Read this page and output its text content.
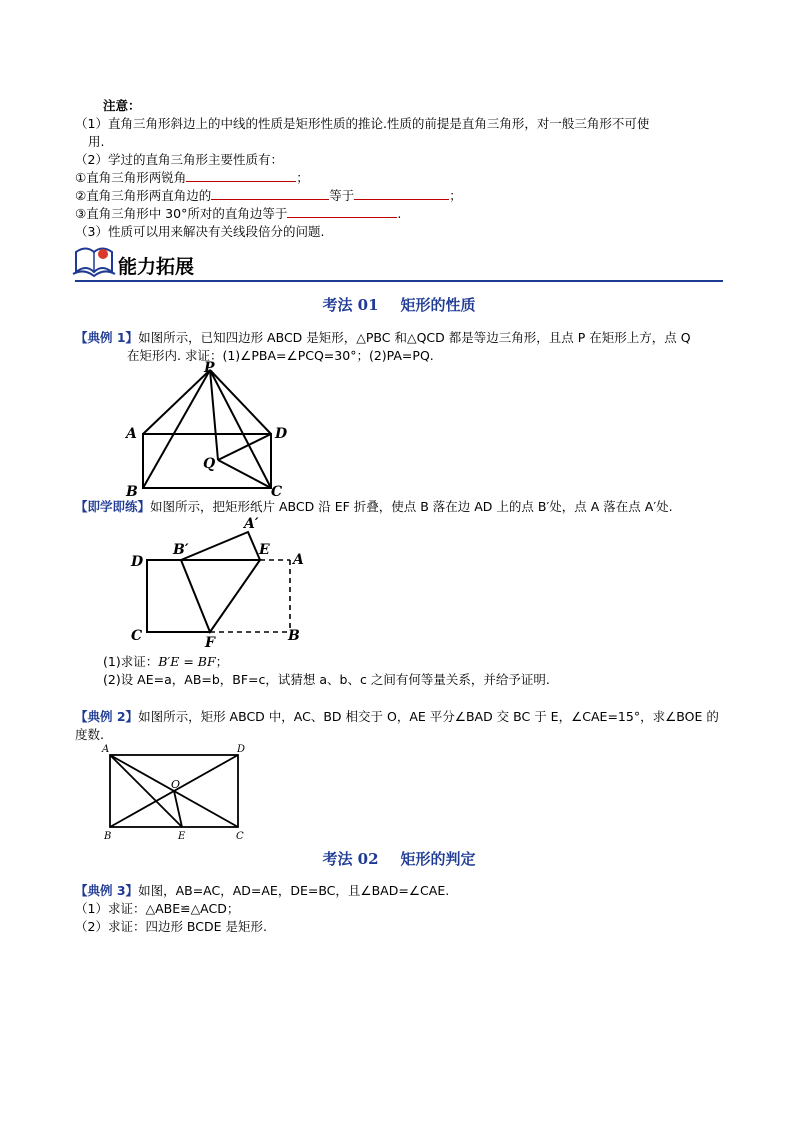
注意：
（1）直角三角形斜边上的中线的性质是矩形性质的推论.性质的前提是直角三角形，对一般三角形不可使
用.
（2）学过的直角三角形主要性质有：
①直角三角形两锐角	；
②直角三角形两直角边的	等于	；
③直角三角形中 30°所对的直角边等于	.
（3）性质可以用来解决有关线段倍分的问题.
能力拓展
考法 01 矩形的性质
【典例 1】如图所示，已知四边形 ABCD 是矩形，△PBC 和△QCD 都是等边三角形，且点 P 在矩形上方，点 Q
在矩形内. 求证：(1)∠PBA=∠PCQ=30°；(2)PA=PQ.
P
A	D
Q
B	C
【即学即练】如图所示，把矩形纸片 ABCD 沿 EF 折叠，使点 B 落在边 AD 上的点 B′处，点 A 落在点 A′处.
A′
B′	E
A
D
C	F	B
(1)求证：B′E = BF；
(2)设 AE=a，AB=b，BF=c，试猜想 a、b、c 之间有何等量关系，并给予证明.
【典例 2】如图所示，矩形 ABCD 中，AC、BD 相交于 O，AE 平分∠BAD 交 BC 于 E，∠CAE=15°，求∠BOE 的
度数.
A	D
O
B	E	C
考法 02 矩形的判定
【典例 3】如图，AB=AC，AD=AE，DE=BC，且∠BAD=∠CAE.
（1）求证：△ABE≌△ACD；
（2）求证：四边形 BCDE 是矩形.
